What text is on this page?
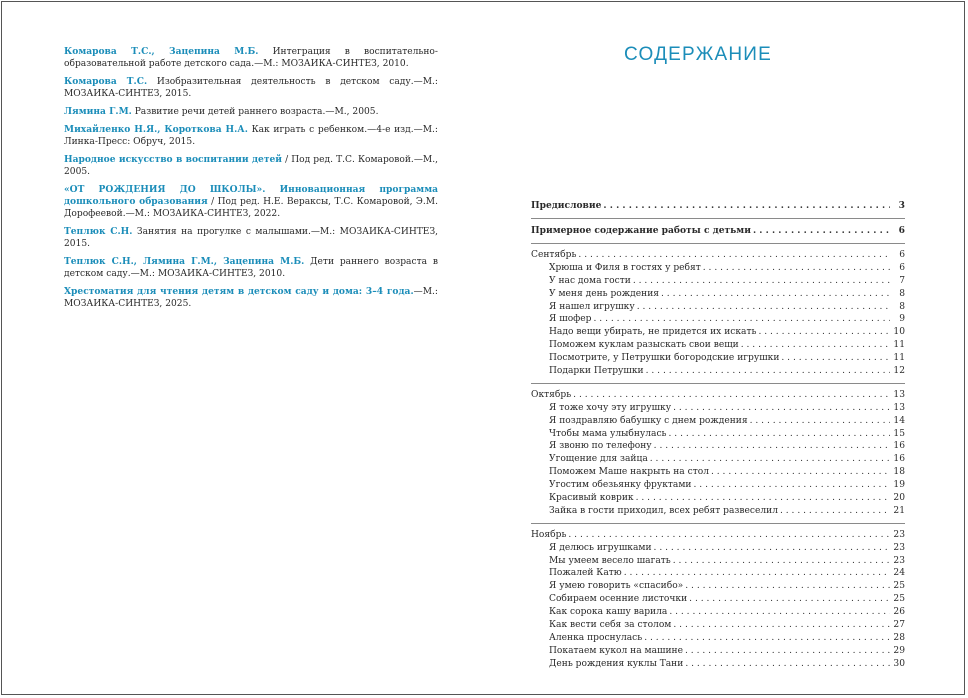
Комарова Т.С., Зацепина М.Б. Интеграция в воспитательно-образовательной работе детского сада.—М.: МОЗАИКА-СИНТЕЗ, 2010.

Комарова Т.С. Изобразительная деятельность в детском саду.—М.: МОЗАИКА-СИНТЕЗ, 2015.

Лямина Г.М. Развитие речи детей раннего возраста.—М., 2005.

Михайленко Н.Я., Короткова Н.А. Как играть с ребенком.—4-е изд.—М.: Линка-Пресс: Обруч, 2015.

Народное искусство в воспитании детей / Под ред. Т.С. Комаровой.—М., 2005.

«ОТ РОЖДЕНИЯ ДО ШКОЛЫ». Инновационная программа дошкольного образования / Под ред. Н.Е. Вераксы, Т.С. Комаровой, Э.М. Дорофеевой.—М.: МОЗАИКА-СИНТЕЗ, 2022.

Теплюк С.Н. Занятия на прогулке с малышами.—М.: МОЗАИКА-СИНТЕЗ, 2015.

Теплюк С.Н., Лямина Г.М., Зацепина М.Б. Дети раннего возраста в детском саду.—М.: МОЗАИКА-СИНТЕЗ, 2010.

Хрестоматия для чтения детям в детском саду и дома: 3–4 года.—М.: МОЗАИКА-СИНТЕЗ, 2025.

СОДЕРЖАНИЕ
Предисловие . . .	3
Примерное содержание работы с детьми . . .	6
Сентябрь . . .	6
Хрюша и Филя в гостях у ребят . . .	6
У нас дома гости . . .	7
У меня день рождения . . .	8
Я нашел игрушку . . .	8
Я шофер . . .	9
Надо вещи убирать, не придется их искать . . .	10
Поможем куклам разыскать свои вещи . . .	11
Посмотрите, у Петрушки богородские игрушки . . .	11
Подарки Петрушки . . .	12
Октябрь . . .	13
Я тоже хочу эту игрушку . . .	13
Я поздравляю бабушку с днем рождения . . .	14
Чтобы мама улыбнулась . . .	15
Я звоню по телефону . . .	16
Угощение для зайца . . .	16
Поможем Маше накрыть на стол . . .	18
Угостим обезьянку фруктами . . .	19
Красивый коврик . . .	20
Зайка в гости приходил, всех ребят развеселил . . .	21
Ноябрь . . .	23
Я делюсь игрушками . . .	23
Мы умеем весело шагать . . .	23
Пожалей Катю . . .	24
Я умею говорить «спасибо» . . .	25
Собираем осенние листочки . . .	25
Как сорока кашу варила . . .	26
Как вести себя за столом . . .	27
Аленка проснулась . . .	28
Покатаем кукол на машине . . .	29
День рождения куклы Тани . . .	30
